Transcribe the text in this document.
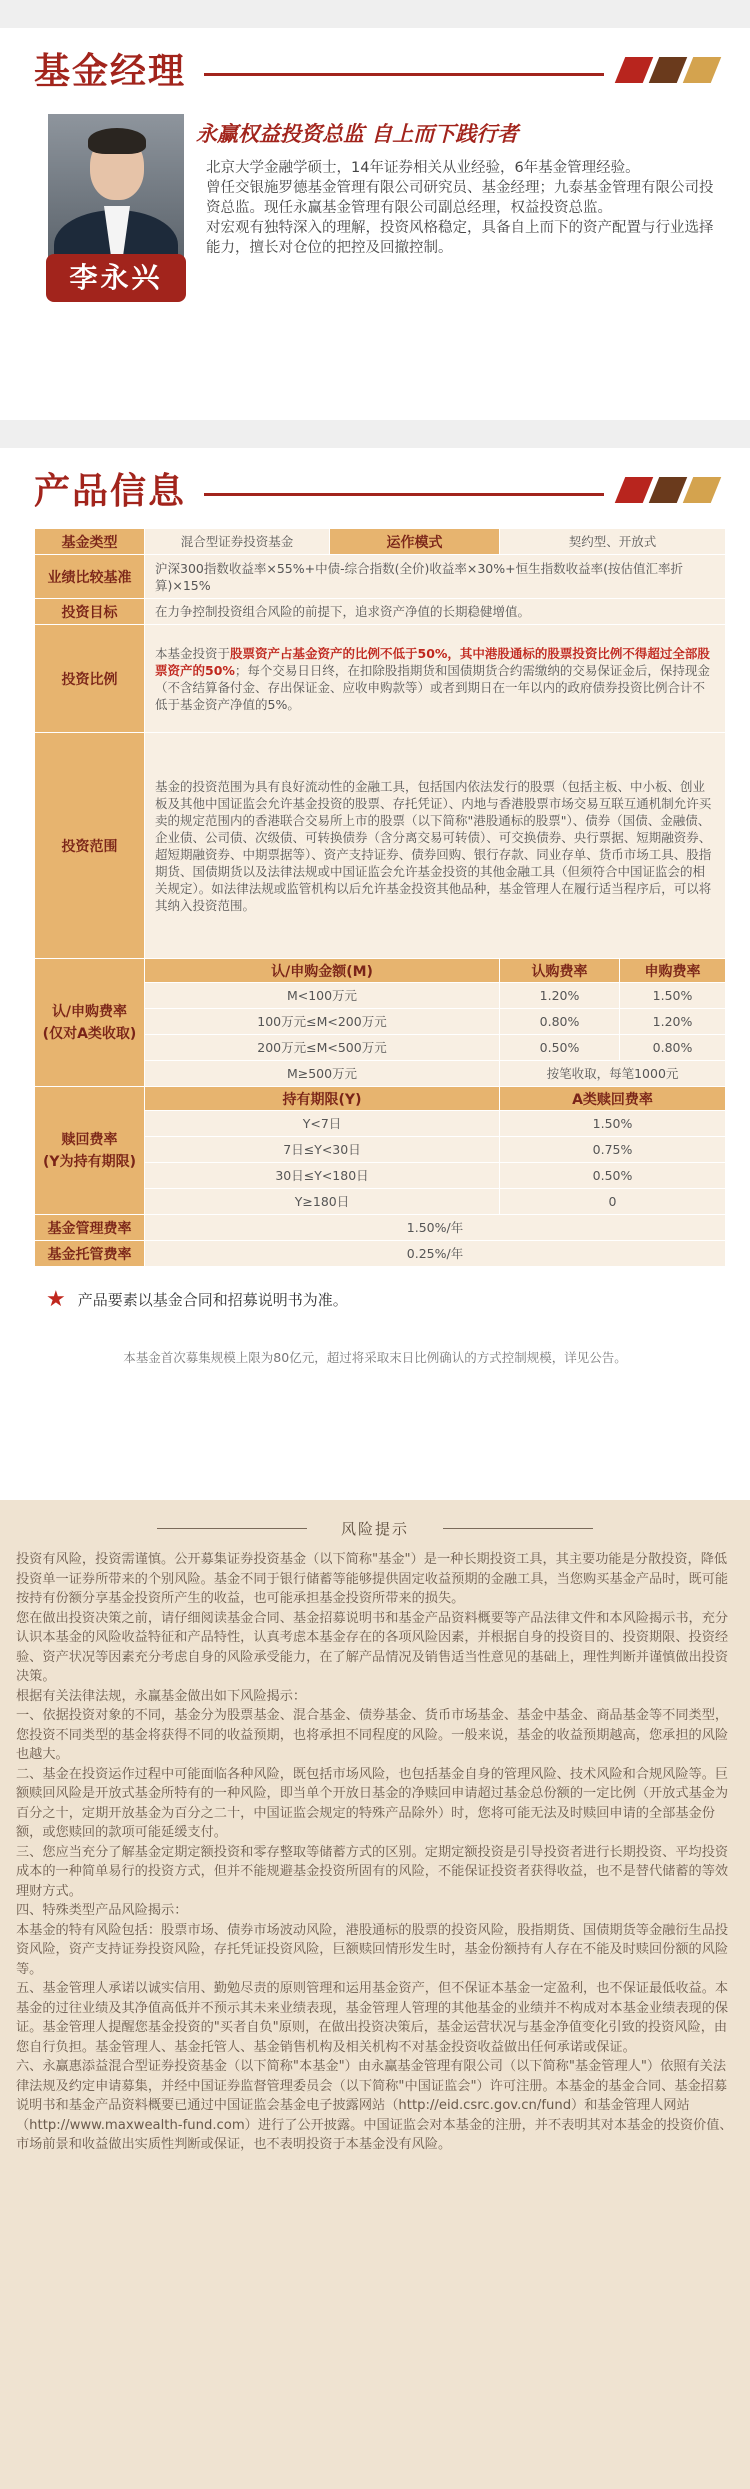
基金经理
李永兴
永赢权益投资总监 自上而下践行者

北京大学金融学硕士，14年证券相关从业经验，6年基金管理经验。

曾任交银施罗德基金管理有限公司研究员、基金经理；九泰基金管理有限公司投资总监。现任永赢基金管理有限公司副总经理，权益投资总监。

对宏观有独特深入的理解，投资风格稳定，具备自上而下的资产配置与行业选择能力，擅长对仓位的把控及回撤控制。

产品信息
基金类型	混合型证券投资基金	运作模式	契约型、开放式	
业绩比较基准	沪深300指数收益率×55%+中债-综合指数(全价)收益率×30%+恒生指数收益率(按估值汇率折算)×15%			
投资目标	在力争控制投资组合风险的前提下，追求资产净值的长期稳健增值。			
投资比例	本基金投资于股票资产占基金资产的比例不低于50%，其中港股通标的股票投资比例不得超过全部股票资产的50%；每个交易日日终，在扣除股指期货和国债期货合约需缴纳的交易保证金后，保持现金（不含结算备付金、存出保证金、应收申购款等）或者到期日在一年以内的政府债券投资比例合计不低于基金资产净值的5%。			
投资范围	基金的投资范围为具有良好流动性的金融工具，包括国内依法发行的股票（包括主板、中小板、创业板及其他中国证监会允许基金投资的股票、存托凭证）、内地与香港股票市场交易互联互通机制允许买卖的规定范围内的香港联合交易所上市的股票（以下简称"港股通标的股票"）、债券（国债、金融债、企业债、公司债、次级债、可转换债券（含分离交易可转债）、可交换债券、央行票据、短期融资券、超短期融资券、中期票据等）、资产支持证券、债券回购、银行存款、同业存单、货币市场工具、股指期货、国债期货以及法律法规或中国证监会允许基金投资的其他金融工具（但须符合中国证监会的相关规定）。如法律法规或监管机构以后允许基金投资其他品种，基金管理人在履行适当程序后，可以将其纳入投资范围。			
认/申购费率
(仅对A类收取)	认/申购金额(M)		认购费率	申购费率
	M<100万元		1.20%	1.50%
	100万元≤M<200万元		0.80%	1.20%
	200万元≤M<500万元		0.50%	0.80%
	M≥500万元		按笔收取，每笔1000元	
赎回费率
(Y为持有期限)	持有期限(Y)		A类赎回费率	
	Y<7日		1.50%	
	7日≤Y<30日		0.75%	
	30日≤Y<180日		0.50%	
	Y≥180日		0	
基金管理费率	1.50%/年			
基金托管费率	0.25%/年			
★ 产品要素以基金合同和招募说明书为准。
本基金首次募集规模上限为80亿元，超过将采取末日比例确认的方式控制规模，详见公告。
风险提示

投资有风险，投资需谨慎。公开募集证券投资基金（以下简称"基金"）是一种长期投资工具，其主要功能是分散投资，降低投资单一证券所带来的个别风险。基金不同于银行储蓄等能够提供固定收益预期的金融工具，当您购买基金产品时，既可能按持有份额分享基金投资所产生的收益，也可能承担基金投资所带来的损失。

您在做出投资决策之前，请仔细阅读基金合同、基金招募说明书和基金产品资料概要等产品法律文件和本风险揭示书，充分认识本基金的风险收益特征和产品特性，认真考虑本基金存在的各项风险因素，并根据自身的投资目的、投资期限、投资经验、资产状况等因素充分考虑自身的风险承受能力，在了解产品情况及销售适当性意见的基础上，理性判断并谨慎做出投资决策。

根据有关法律法规，永赢基金做出如下风险揭示：

一、依据投资对象的不同，基金分为股票基金、混合基金、债券基金、货币市场基金、基金中基金、商品基金等不同类型，您投资不同类型的基金将获得不同的收益预期，也将承担不同程度的风险。一般来说，基金的收益预期越高，您承担的风险也越大。

二、基金在投资运作过程中可能面临各种风险，既包括市场风险，也包括基金自身的管理风险、技术风险和合规风险等。巨额赎回风险是开放式基金所特有的一种风险，即当单个开放日基金的净赎回申请超过基金总份额的一定比例（开放式基金为百分之十，定期开放基金为百分之二十，中国证监会规定的特殊产品除外）时，您将可能无法及时赎回申请的全部基金份额，或您赎回的款项可能延缓支付。

三、您应当充分了解基金定期定额投资和零存整取等储蓄方式的区别。定期定额投资是引导投资者进行长期投资、平均投资成本的一种简单易行的投资方式，但并不能规避基金投资所固有的风险，不能保证投资者获得收益，也不是替代储蓄的等效理财方式。

四、特殊类型产品风险揭示：

本基金的特有风险包括：股票市场、债券市场波动风险，港股通标的股票的投资风险，股指期货、国债期货等金融衍生品投资风险，资产支持证券投资风险，存托凭证投资风险，巨额赎回情形发生时，基金份额持有人存在不能及时赎回份额的风险等。

五、基金管理人承诺以诚实信用、勤勉尽责的原则管理和运用基金资产，但不保证本基金一定盈利，也不保证最低收益。本基金的过往业绩及其净值高低并不预示其未来业绩表现，基金管理人管理的其他基金的业绩并不构成对本基金业绩表现的保证。基金管理人提醒您基金投资的"买者自负"原则，在做出投资决策后，基金运营状况与基金净值变化引致的投资风险，由您自行负担。基金管理人、基金托管人、基金销售机构及相关机构不对基金投资收益做出任何承诺或保证。

六、永赢惠添益混合型证券投资基金（以下简称"本基金"）由永赢基金管理有限公司（以下简称"基金管理人"）依照有关法律法规及约定申请募集，并经中国证券监督管理委员会（以下简称"中国证监会"）许可注册。本基金的基金合同、基金招募说明书和基金产品资料概要已通过中国证监会基金电子披露网站（http://eid.csrc.gov.cn/fund）和基金管理人网站（http://www.maxwealth-fund.com）进行了公开披露。中国证监会对本基金的注册，并不表明其对本基金的投资价值、市场前景和收益做出实质性判断或保证，也不表明投资于本基金没有风险。
